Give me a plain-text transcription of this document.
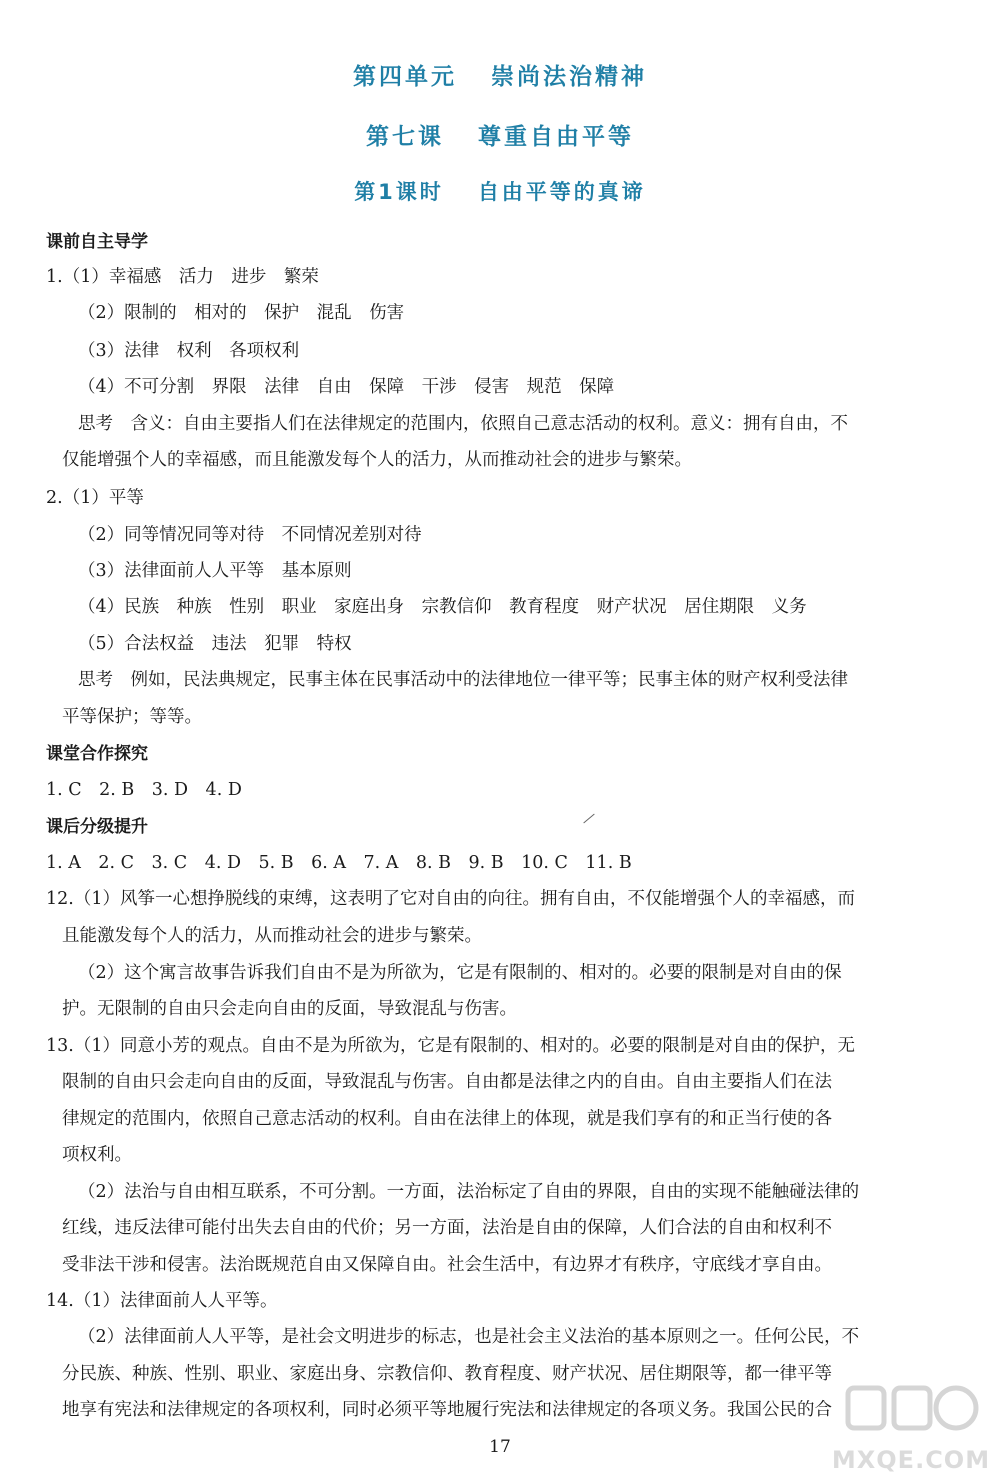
第四单元 崇尚法治精神
第七课 尊重自由平等
第1课时 自由平等的真谛
课前自主导学
1.（1）幸福感　活力　进步　繁荣
（2）限制的　相对的　保护　混乱　伤害
（3）法律　权利　各项权利
（4）不可分割　界限　法律　自由　保障　干涉　侵害　规范　保障
思考　含义：自由主要指人们在法律规定的范围内，依照自己意志活动的权利。意义：拥有自由，不
仅能增强个人的幸福感，而且能激发每个人的活力，从而推动社会的进步与繁荣。
2.（1）平等
（2）同等情况同等对待　不同情况差别对待
（3）法律面前人人平等　基本原则
（4）民族　种族　性别　职业　家庭出身　宗教信仰　教育程度　财产状况　居住期限　义务
（5）合法权益　违法　犯罪　特权
思考　例如，民法典规定，民事主体在民事活动中的法律地位一律平等；民事主体的财产权利受法律
平等保护；等等。
课堂合作探究
1. C　2. B　3. D　4. D
课后分级提升
1. A　2. C　3. C　4. D　5. B　6. A　7. A　8. B　9. B　10. C　11. B
12.（1）风筝一心想挣脱线的束缚，这表明了它对自由的向往。拥有自由，不仅能增强个人的幸福感，而
且能激发每个人的活力，从而推动社会的进步与繁荣。
（2）这个寓言故事告诉我们自由不是为所欲为，它是有限制的、相对的。必要的限制是对自由的保
护。无限制的自由只会走向自由的反面，导致混乱与伤害。
13.（1）同意小芳的观点。自由不是为所欲为，它是有限制的、相对的。必要的限制是对自由的保护，无
限制的自由只会走向自由的反面，导致混乱与伤害。自由都是法律之内的自由。自由主要指人们在法
律规定的范围内，依照自己意志活动的权利。自由在法律上的体现，就是我们享有的和正当行使的各
项权利。
（2）法治与自由相互联系，不可分割。一方面，法治标定了自由的界限，自由的实现不能触碰法律的
红线，违反法律可能付出失去自由的代价；另一方面，法治是自由的保障，人们合法的自由和权利不
受非法干涉和侵害。法治既规范自由又保障自由。社会生活中，有边界才有秩序，守底线才享自由。
14.（1）法律面前人人平等。
（2）法律面前人人平等，是社会文明进步的标志，也是社会主义法治的基本原则之一。任何公民，不
分民族、种族、性别、职业、家庭出身、宗教信仰、教育程度、财产状况、居住期限等，都一律平等
地享有宪法和法律规定的各项权利，同时必须平等地履行宪法和法律规定的各项义务。我国公民的合
17	MXQE.COM
